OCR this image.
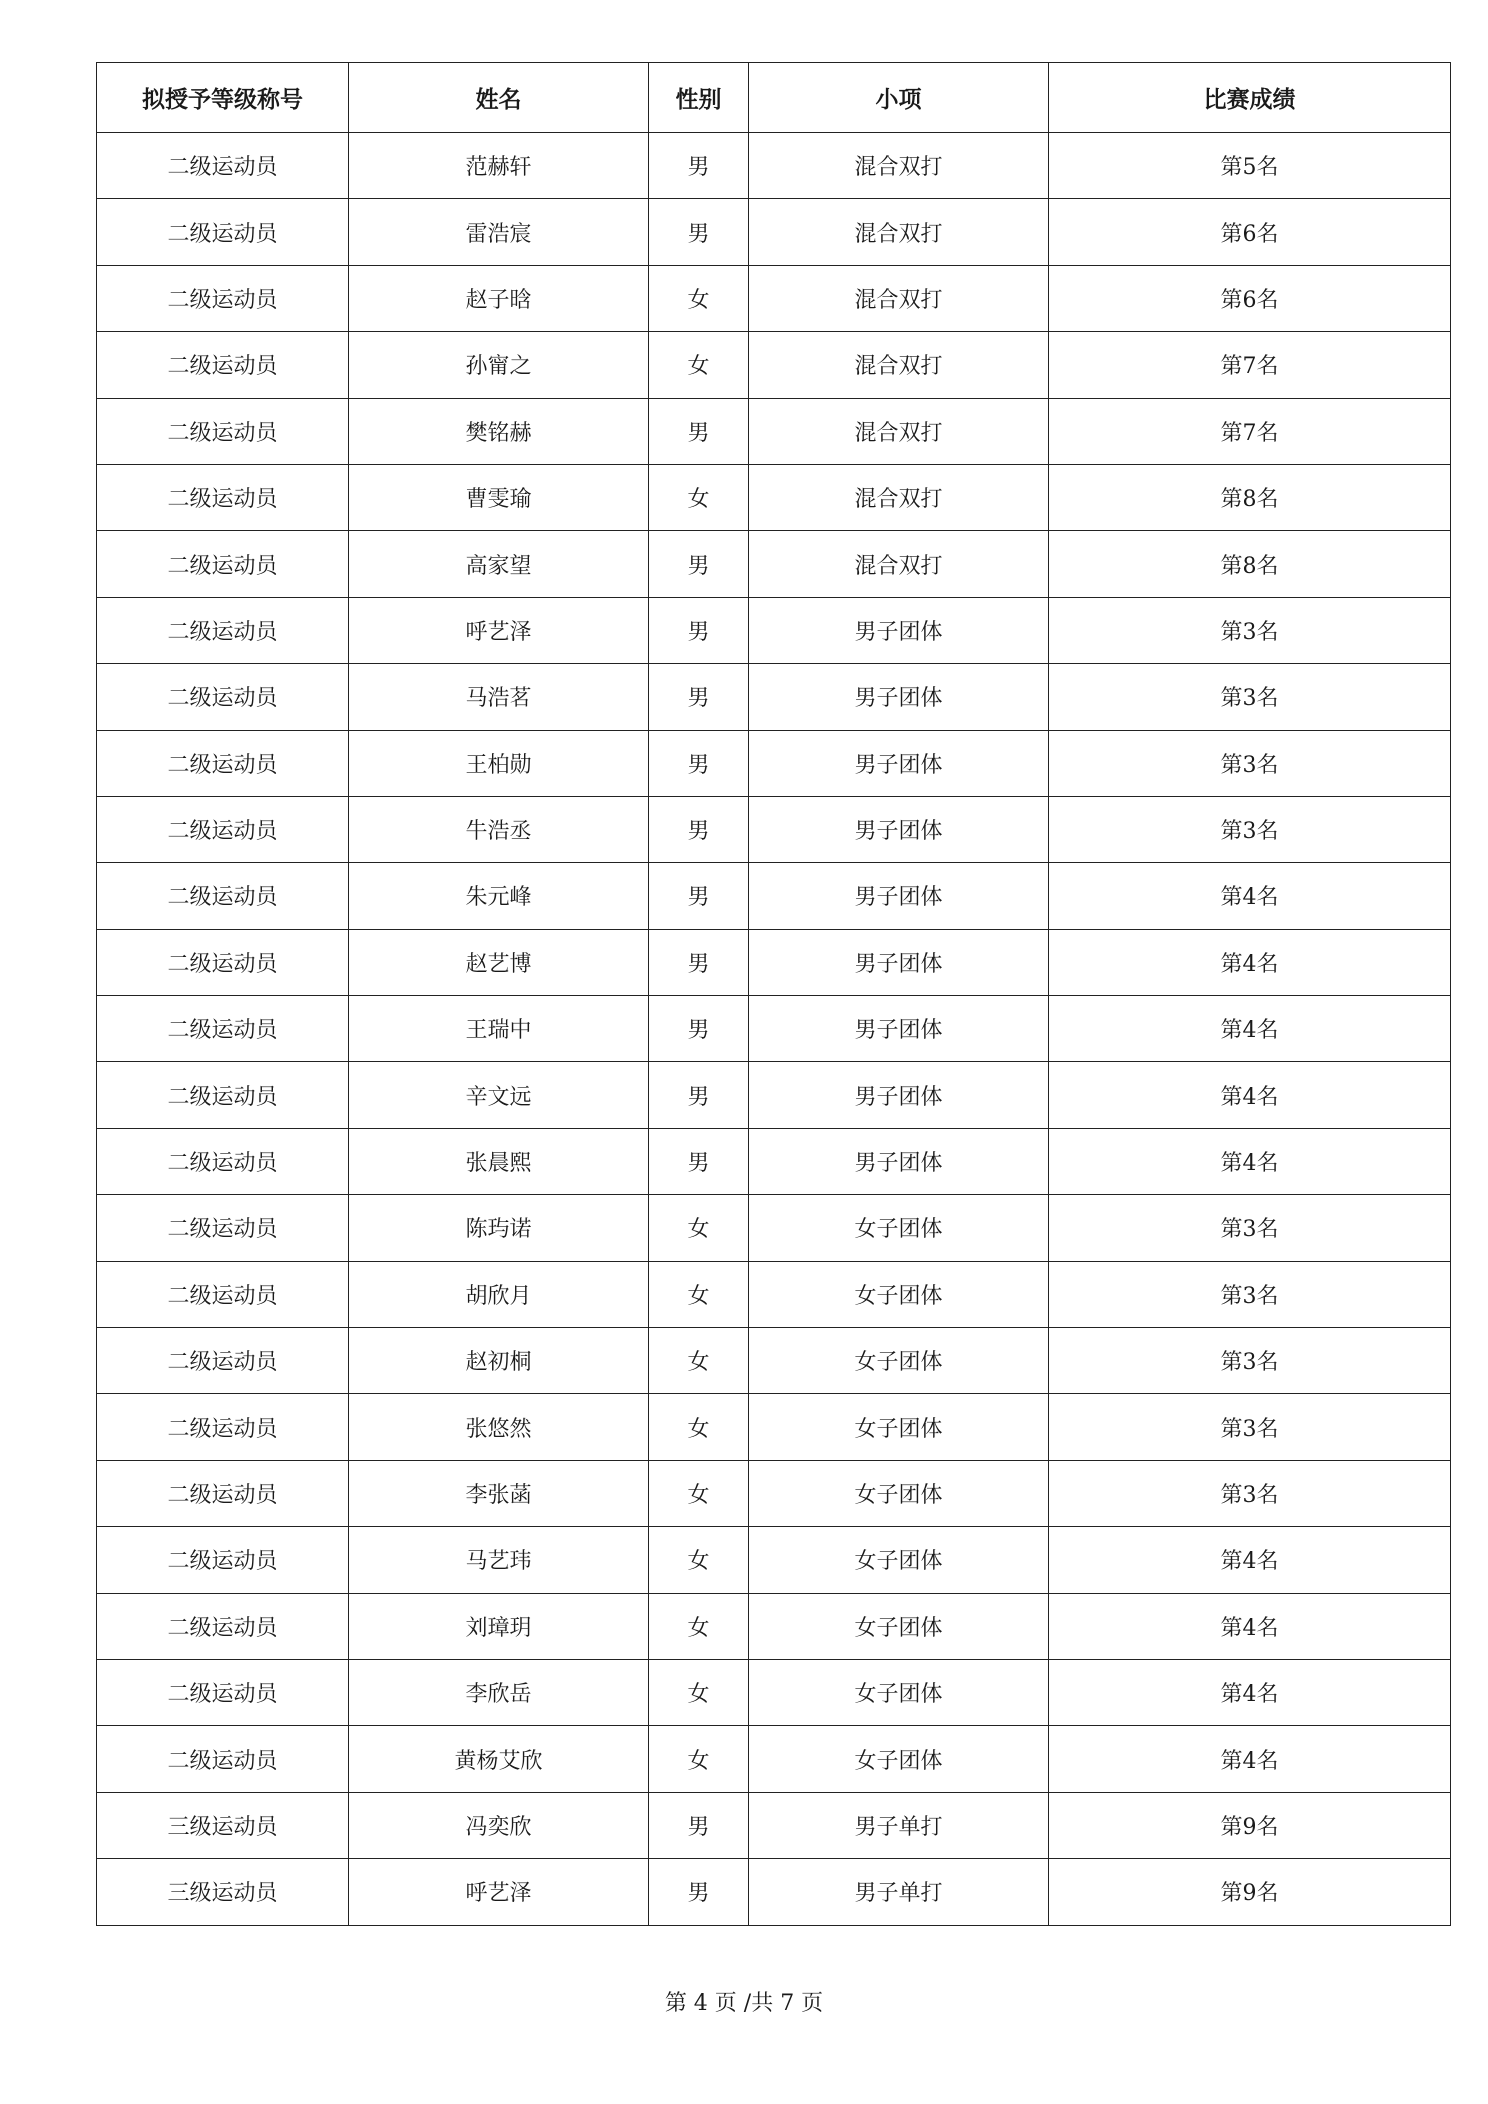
拟授予等级称号	姓名	性别	小项	比赛成绩
二级运动员	范赫轩	男	混合双打	第5名
二级运动员	雷浩宸	男	混合双打	第6名
二级运动员	赵子晗	女	混合双打	第6名
二级运动员	孙甯之	女	混合双打	第7名
二级运动员	樊铭赫	男	混合双打	第7名
二级运动员	曹雯瑜	女	混合双打	第8名
二级运动员	高家望	男	混合双打	第8名
二级运动员	呼艺泽	男	男子团体	第3名
二级运动员	马浩茗	男	男子团体	第3名
二级运动员	王柏勋	男	男子团体	第3名
二级运动员	牛浩丞	男	男子团体	第3名
二级运动员	朱元峰	男	男子团体	第4名
二级运动员	赵艺博	男	男子团体	第4名
二级运动员	王瑞中	男	男子团体	第4名
二级运动员	辛文远	男	男子团体	第4名
二级运动员	张晨熙	男	男子团体	第4名
二级运动员	陈玙诺	女	女子团体	第3名
二级运动员	胡欣月	女	女子团体	第3名
二级运动员	赵初桐	女	女子团体	第3名
二级运动员	张悠然	女	女子团体	第3名
二级运动员	李张菡	女	女子团体	第3名
二级运动员	马艺玮	女	女子团体	第4名
二级运动员	刘璋玥	女	女子团体	第4名
二级运动员	李欣岳	女	女子团体	第4名
二级运动员	黄杨艾欣	女	女子团体	第4名
三级运动员	冯奕欣	男	男子单打	第9名
三级运动员	呼艺泽	男	男子单打	第9名
第 4 页 /共 7 页
